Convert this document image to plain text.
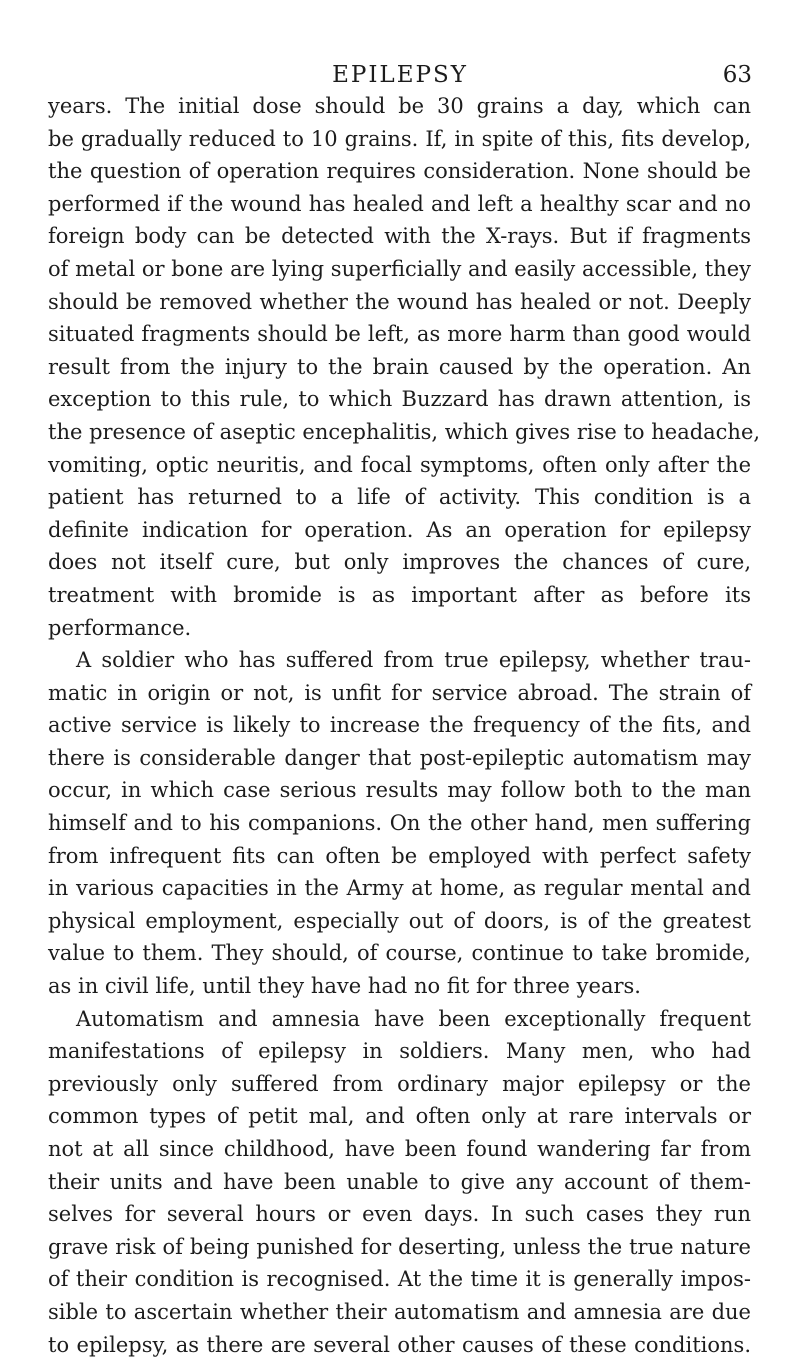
EPILEPSY	63
years. The initial dose should be 30 grains a day, which can
be gradually reduced to 10 grains. If, in spite of this, fits develop,
the question of operation requires consideration. None should be
performed if the wound has healed and left a healthy scar and no
foreign body can be detected with the X-rays. But if fragments
of metal or bone are lying superficially and easily accessible, they
should be removed whether the wound has healed or not. Deeply
situated fragments should be left, as more harm than good would
result from the injury to the brain caused by the operation. An
exception to this rule, to which Buzzard has drawn attention, is
the presence of aseptic encephalitis, which gives rise to headache,
vomiting, optic neuritis, and focal symptoms, often only after the
patient has returned to a life of activity. This condition is a
definite indication for operation. As an operation for epilepsy
does not itself cure, but only improves the chances of cure,
treatment with bromide is as important after as before its
performance.
A soldier who has suffered from true epilepsy, whether trau-
matic in origin or not, is unfit for service abroad. The strain of
active service is likely to increase the frequency of the fits, and
there is considerable danger that post-epileptic automatism may
occur, in which case serious results may follow both to the man
himself and to his companions. On the other hand, men suffering
from infrequent fits can often be employed with perfect safety
in various capacities in the Army at home, as regular mental and
physical employment, especially out of doors, is of the greatest
value to them. They should, of course, continue to take bromide,
as in civil life, until they have had no fit for three years.
Automatism and amnesia have been exceptionally frequent
manifestations of epilepsy in soldiers. Many men, who had
previously only suffered from ordinary major epilepsy or the
common types of petit mal, and often only at rare intervals or
not at all since childhood, have been found wandering far from
their units and have been unable to give any account of them-
selves for several hours or even days. In such cases they run
grave risk of being punished for deserting, unless the true nature
of their condition is recognised. At the time it is generally impos-
sible to ascertain whether their automatism and amnesia are due
to epilepsy, as there are several other causes of these conditions.
